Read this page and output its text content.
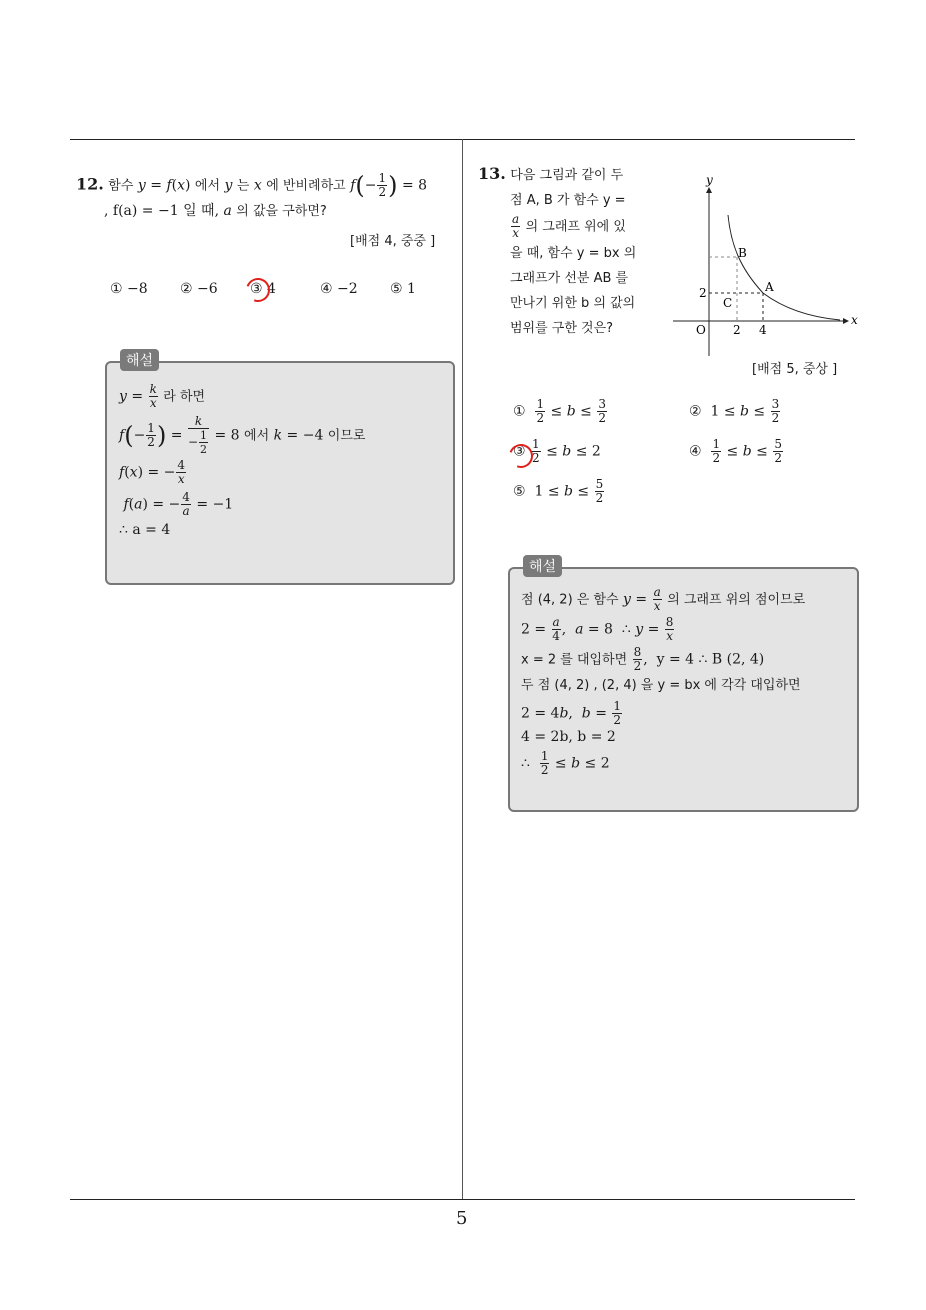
12. 함수 y = f(x) 에서 y 는 x 에 반비례하고 $f(- \frac{1}{2}$ ) = 8
, f(a) = −1 일 때, a 의 값을 구하면?
[배점 4, 중중 ]
① −8 ② −6 ③ 4	④ −2 ⑤ 1
해설
$y = \frac{k}{x}$ 라 하면
$f(- \frac{1}{2}$ ) = $\frac{k}{- \frac{1}{2}} = 8$ 에서 k = −4 이므로
f(x) = − $\frac{4}{x}$
f(a) = − $\frac{4}{a} = -1$
∴ a = 4
13. 다음 그림과 같이 두
점 A, B 가 함수 y =
$\frac{a}{x}$ 의 그래프 위에 있
을 때, 함수 y = bx 의
그래프가 선분 AB 를
만나기 위한 b 의 값의
범위를 구한 것은?
y
x
O 2 4
2
B
A
C
[배점 5, 중상 ]
① $\frac{1}{2} \le b \le \frac{3}{2}$	②  $1 \le b \le \frac{3}{2}$
③ $\frac{1}{2} \le b \le 2$	④ $\frac{1}{2} \le b \le \frac{5}{2}$
⑤  $1 \le b \le \frac{5}{2}$
해설
점 (4, 2) 은 함수 $y = \frac{a}{x}$ 의 그래프 위의 점이므로
$2 = \frac{a}{4}$ ,  a = 8  ∴ $y = \frac{8}{x}$
x = 2 를 대입하면 $\frac{8}{2}$ ,  y = 4 ∴ B (2, 4)
두 점 (4, 2) , (2, 4) 을 y = bx 에 각각 대입하면
2 = 4b,  $b = \frac{1}{2}$
4 = 2b, b = 2
∴ $\frac{1}{2} \le b \le 2$
5
